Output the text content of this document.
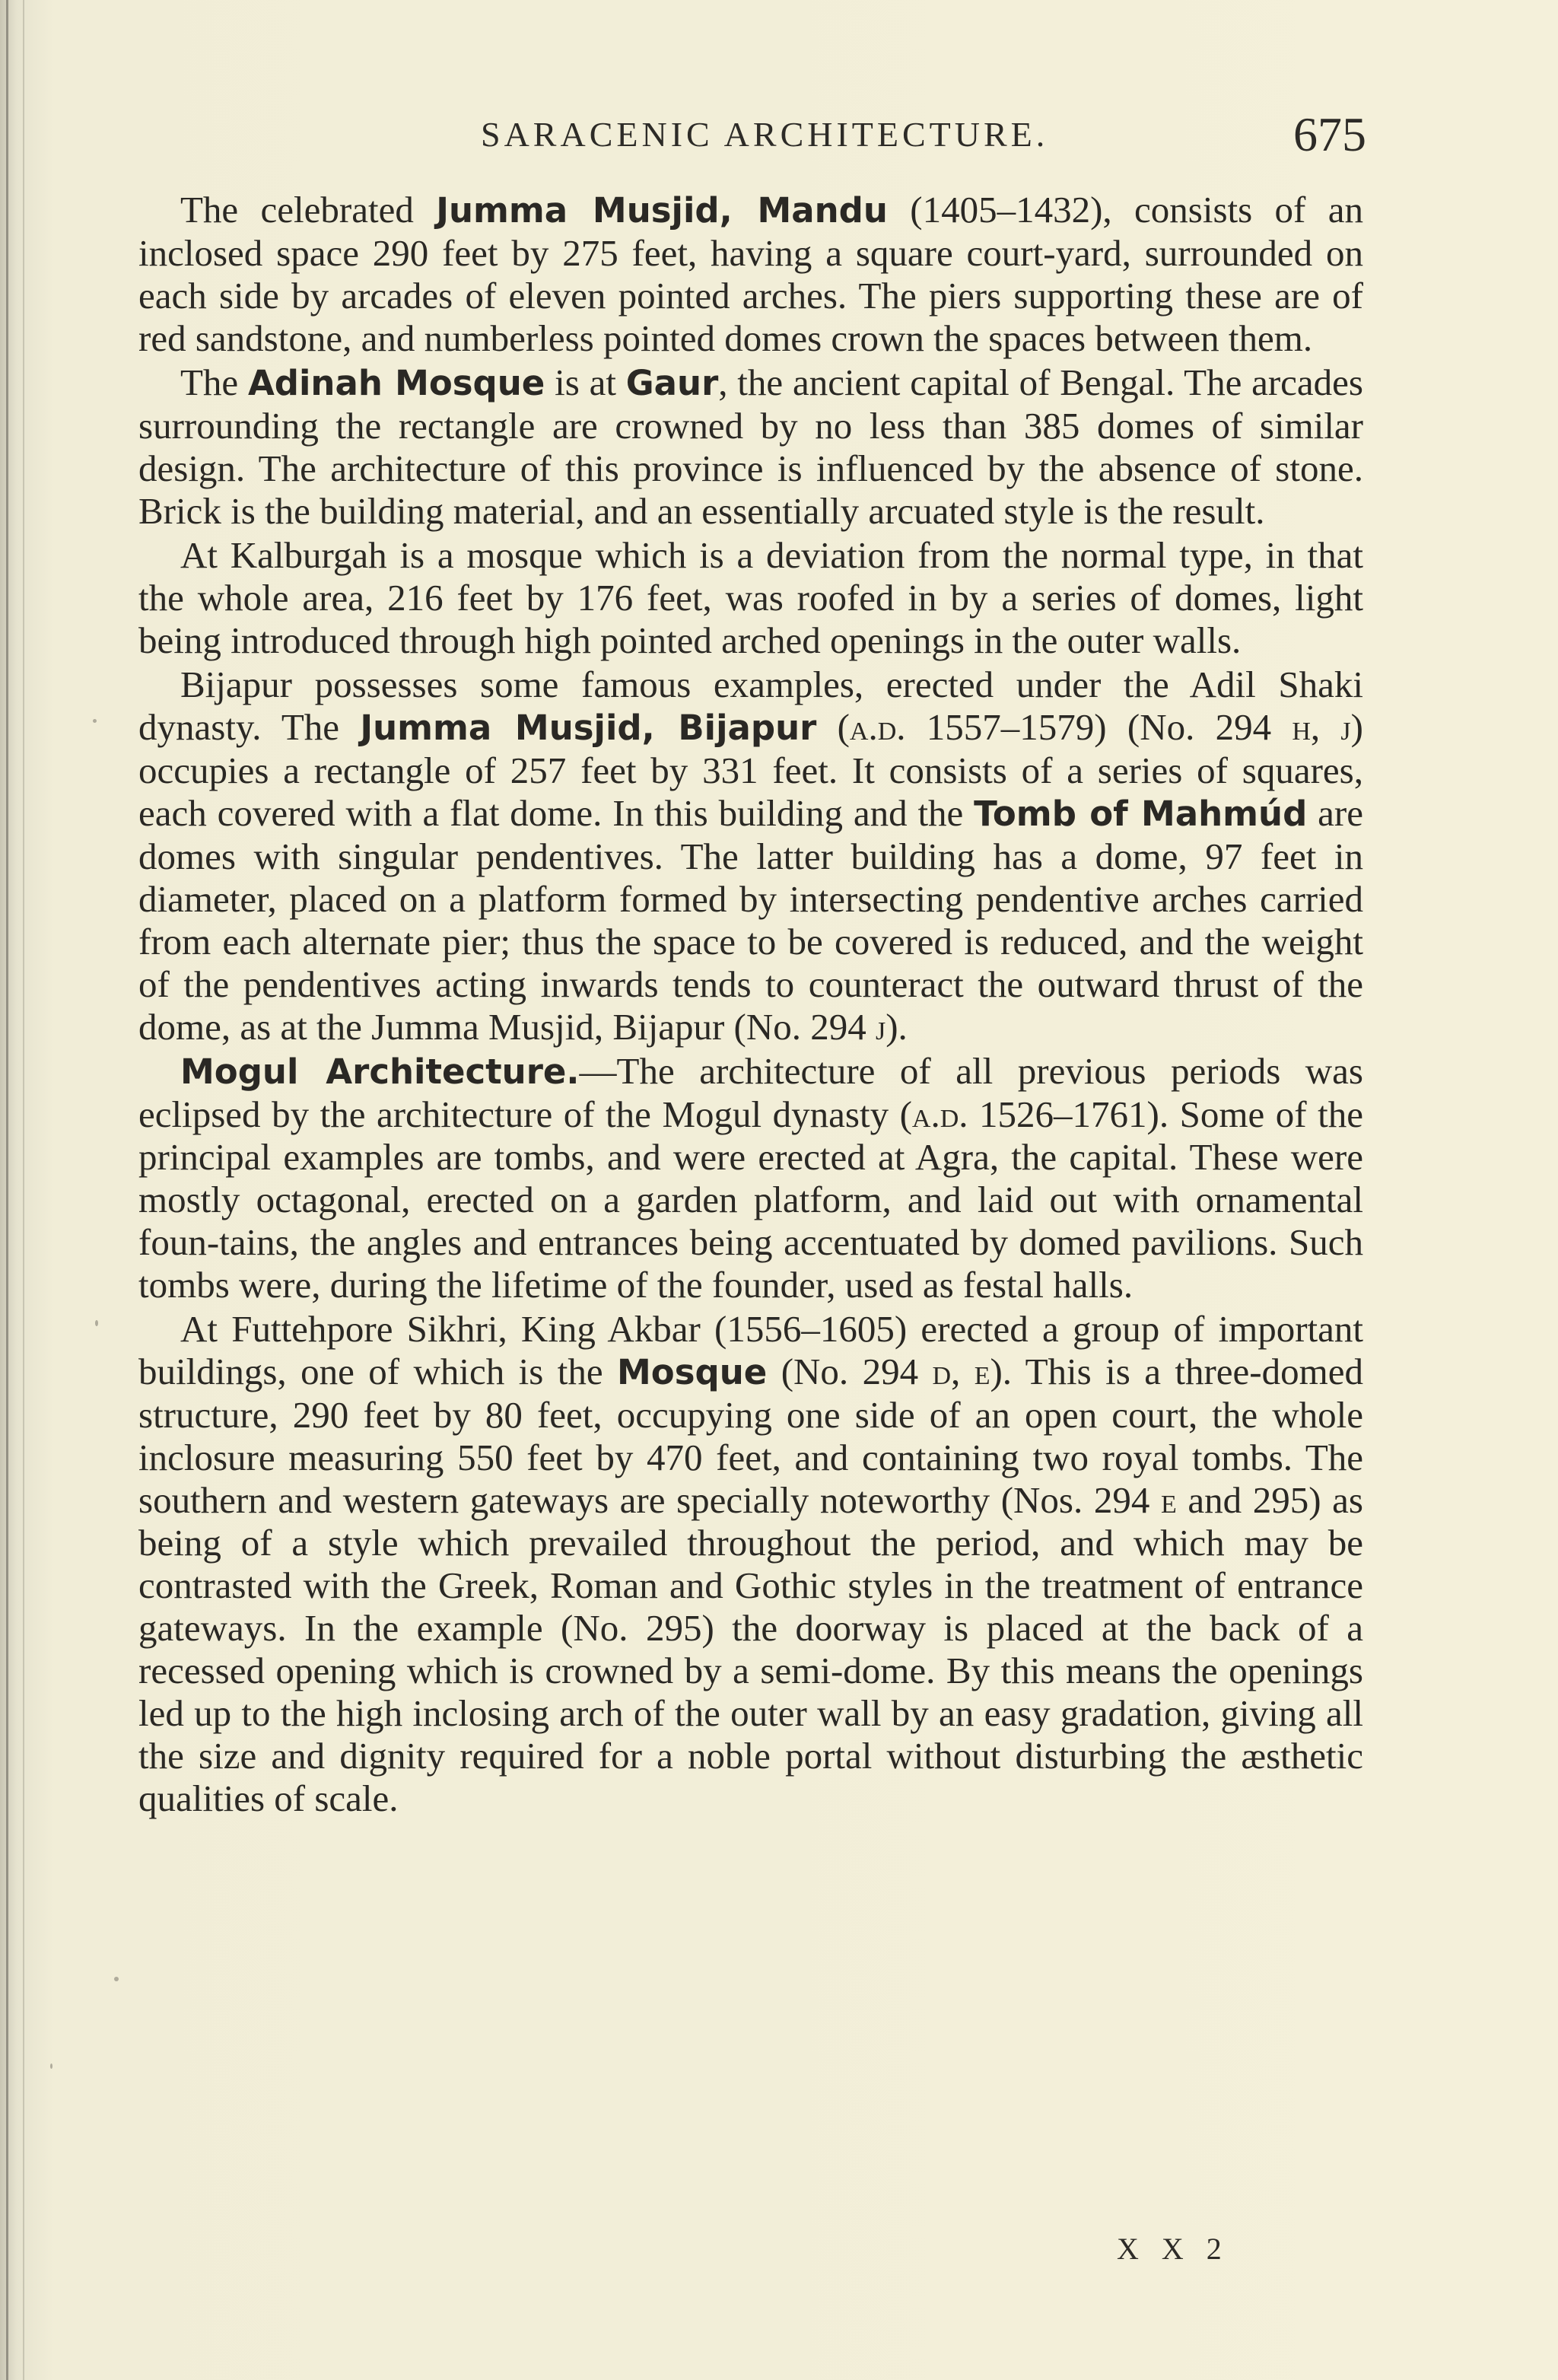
SARACENIC ARCHITECTURE.	675

The celebrated Jumma Musjid, Mandu (1405–1432), consists of an inclosed space 290 feet by 275 feet, having a square court-yard, surrounded on each side by arcades of eleven pointed arches. The piers supporting these are of red sandstone, and numberless pointed domes crown the spaces between them.

The Adinah Mosque is at Gaur, the ancient capital of Bengal. The arcades surrounding the rectangle are crowned by no less than 385 domes of similar design. The architecture of this province is influenced by the absence of stone. Brick is the building material, and an essentially arcuated style is the result.

At Kalburgah is a mosque which is a deviation from the normal type, in that the whole area, 216 feet by 176 feet, was roofed in by a series of domes, light being introduced through high pointed arched openings in the outer walls.

Bijapur possesses some famous examples, erected under the Adil Shaki dynasty. The Jumma Musjid, Bijapur (a.d. 1557–1579) (No. 294 h, j) occupies a rectangle of 257 feet by 331 feet. It consists of a series of squares, each covered with a flat dome. In this building and the Tomb of Mahmúd are domes with singular pendentives. The latter building has a dome, 97 feet in diameter, placed on a platform formed by intersecting pendentive arches carried from each alternate pier; thus the space to be covered is reduced, and the weight of the pendentives acting inwards tends to counteract the outward thrust of the dome, as at the Jumma Musjid, Bijapur (No. 294 j).

Mogul Architecture.—The architecture of all previous periods was eclipsed by the architecture of the Mogul dynasty (a.d. 1526–1761). Some of the principal examples are tombs, and were erected at Agra, the capital. These were mostly octagonal, erected on a garden platform, and laid out with ornamental foun-tains, the angles and entrances being accentuated by domed pavilions. Such tombs were, during the lifetime of the founder, used as festal halls.

At Futtehpore Sikhri, King Akbar (1556–1605) erected a group of important buildings, one of which is the Mosque (No. 294 d, e). This is a three-domed structure, 290 feet by 80 feet, occupying one side of an open court, the whole inclosure measuring 550 feet by 470 feet, and containing two royal tombs. The southern and western gateways are specially noteworthy (Nos. 294 e and 295) as being of a style which prevailed throughout the period, and which may be contrasted with the Greek, Roman and Gothic styles in the treatment of entrance gateways. In the example (No. 295) the doorway is placed at the back of a recessed opening which is crowned by a semi-dome. By this means the openings led up to the high inclosing arch of the outer wall by an easy gradation, giving all the size and dignity required for a noble portal without disturbing the æsthetic qualities of scale.

X X 2
